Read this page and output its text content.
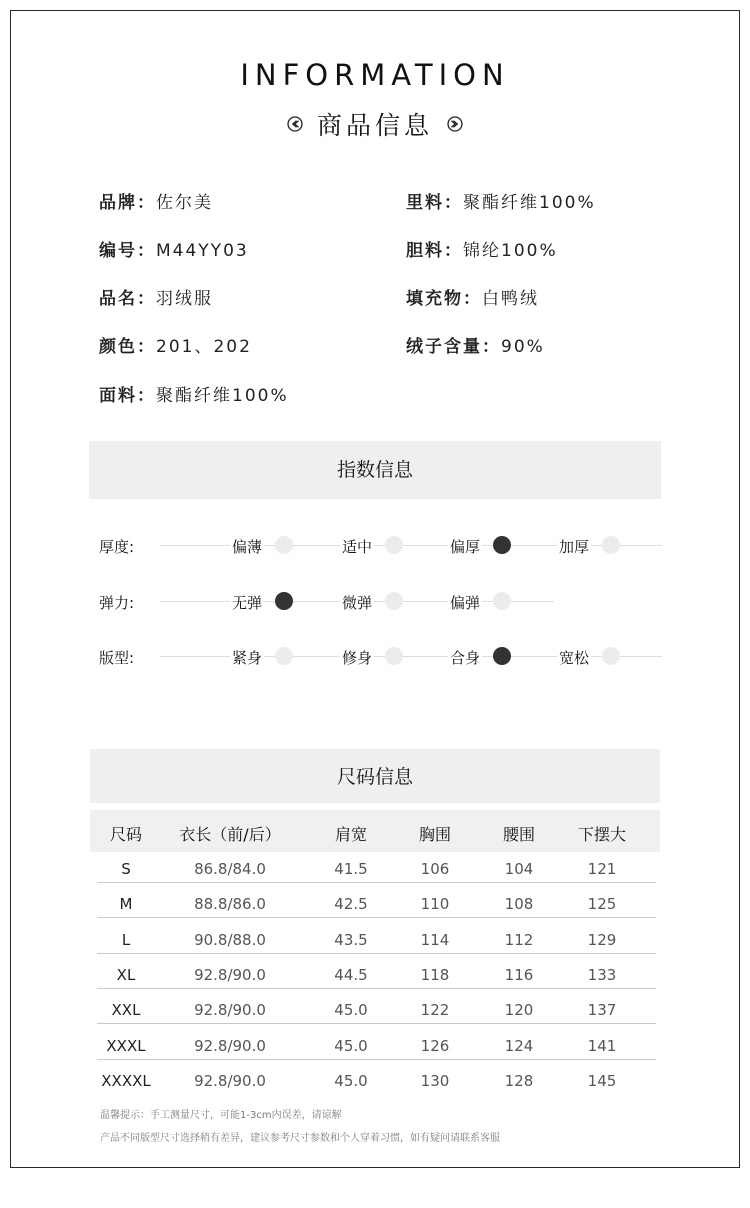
INFORMATION
商品信息
品牌：佐尔美
编号：M44YY03
品名：羽绒服
颜色：201、202
面料：聚酯纤维100%
里料：聚酯纤维100%
胆料：锦纶100%
填充物：白鸭绒
绒子含量：90%
指数信息
厚度:	偏薄	适中	偏厚	加厚
弹力:	无弹	微弹	偏弹
版型:	紧身	修身	合身	宽松
尺码信息
尺码	衣长（前/后）	肩宽	胸围	腰围	下摆大
S	86.8/84.0	41.5	106	104	121
M	88.8/86.0	42.5	110	108	125
L	90.8/88.0	43.5	114	112	129
XL	92.8/90.0	44.5	118	116	133
XXL	92.8/90.0	45.0	122	120	137
XXXL	92.8/90.0	45.0	126	124	141
XXXXL	92.8/90.0	45.0	130	128	145
温馨提示：手工测量尺寸，可能1-3cm内误差，请谅解
产品不同版型尺寸选择稍有差异，建议参考尺寸参数和个人穿着习惯，如有疑问请联系客服
